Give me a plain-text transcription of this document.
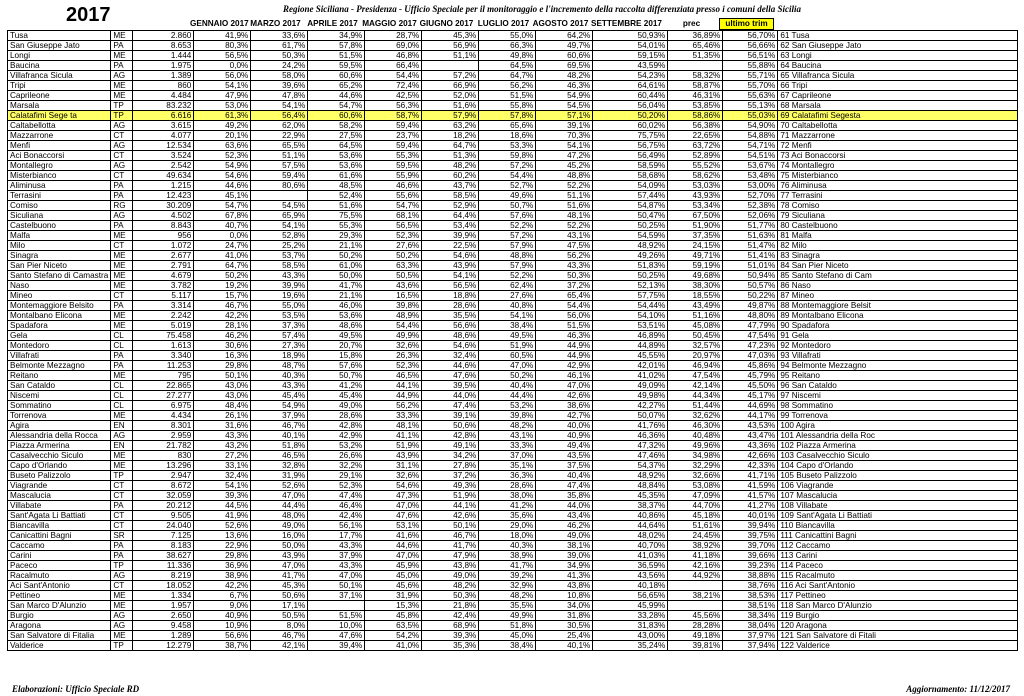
2017	Regione Siciliana - Presidenza - Ufficio Speciale per il monitoraggio e l'incremento della raccolta differenziata presso i comuni della Sicilia
GENNAIO 2017 MARZO 2017 APRILE 2017 MAGGIO 2017 GIUGNO 2017 LUGLIO 2017 AGOSTO 2017 SETTEMBRE 2017	prec	ultimo trim
Tusa	ME	2.860	41,9%	33,6%	34,9%	28,7%	45,3%	55,0%	64,2%	50,93%	36,89%	56,70%	61 Tusa
San Giuseppe Jato	PA	8.653	80,3%	61,7%	57,8%	69,0%	56,9%	66,3%	49,7%	54,01%	65,46%	56,66%	62 San Giuseppe Jato
Longi	ME	1.444	56,5%	50,3%	51,5%	46,8%	51,1%	49,8%	60,6%	59,15%	51,35%	56,51%	63 Longi
Baucina	PA	1.975	0,0%	24,2%	59,5%	66,4%		64,5%	69,5%	43,59%		55,88%	64 Baucina
Villafranca Sicula	AG	1.389	56,0%	58,0%	60,6%	54,4%	57,2%	64,7%	48,2%	54,23%	58,32%	55,71%	65 Villafranca Sicula
Tripi	ME	860	54,1%	39,6%	65,2%	72,4%	66,9%	56,2%	46,3%	64,61%	58,87%	55,70%	66 Tripi
Caprileone	ME	4.484	47,9%	47,8%	44,6%	42,5%	52,0%	51,5%	54,9%	60,44%	46,31%	55,63%	67 Caprileone
Marsala	TP	83.232	53,0%	54,1%	54,7%	56,3%	51,6%	55,8%	54,5%	56,04%	53,85%	55,13%	68 Marsala
Calatafimi Sege ta	TP	6.616	61,3%	56,4%	60,6%	58,7%	57,9%	57,8%	57,1%	50,20%	58,86%	55,03%	69 Calatafimi Segesta
Caltabellotta	AG	3.615	49,2%	62,0%	58,2%	59,4%	63,2%	65,6%	39,1%	60,02%	56,38%	54,90%	70 Caltabellotta
Mazzarrone	CT	4.077	20,1%	22,9%	27,5%	23,7%	18,2%	18,6%	70,3%	75,75%	22,65%	54,88%	71 Mazzarrone
Menfi	AG	12.534	63,6%	65,5%	64,5%	59,4%	64,7%	53,3%	54,1%	56,75%	63,72%	54,71%	72 Menfi
Aci Bonaccorsi	CT	3.524	52,3%	51,1%	53,6%	55,3%	51,3%	59,8%	47,2%	56,49%	52,89%	54,51%	73 Aci Bonaccorsi
Montallegro	AG	2.542	54,9%	57,5%	53,6%	59,5%	48,2%	57,2%	45,2%	58,59%	55,52%	53,67%	74 Montallegro
Misterbianco	CT	49.634	54,6%	59,4%	61,6%	55,9%	60,2%	54,4%	48,8%	58,68%	58,62%	53,48%	75 Misterbianco
Aliminusa	PA	1.215	44,6%	80,6%	48,5%	46,6%	43,7%	52,7%	52,2%	54,09%	53,03%	53,00%	76 Aliminusa
Terrasini	PA	12.423	45,1%		52,4%	55,6%	58,5%	49,6%	51,1%	57,44%	43,93%	52,70%	77 Terrasini
Comiso	RG	30.209	54,7%	54,5%	51,6%	54,7%	52,9%	50,7%	51,6%	54,87%	53,34%	52,38%	78 Comiso
Siculiana	AG	4.502	67,8%	65,9%	75,5%	68,1%	64,4%	57,6%	48,1%	50,47%	67,50%	52,06%	79 Siculiana
Castelbuono	PA	8.843	40,7%	54,1%	55,3%	56,5%	53,4%	52,2%	52,2%	50,25%	51,90%	51,77%	80 Castelbuono
Malfa	ME	956	0,0%	52,8%	29,3%	52,3%	39,9%	57,2%	43,1%	54,59%	37,35%	51,63%	81 Malfa
Milo	CT	1.072	24,7%	25,2%	21,1%	27,6%	22,5%	57,9%	47,5%	48,92%	24,15%	51,47%	82 Milo
Sinagra	ME	2.677	41,0%	53,7%	50,2%	50,2%	54,6%	48,8%	56,2%	49,26%	49,71%	51,41%	83 Sinagra
San Pier Niceto	ME	2.791	64,7%	58,5%	61,0%	63,3%	43,9%	57,9%	43,3%	51,83%	59,19%	51,01%	84 San Pier Niceto
Santo Stefano di Camastra	ME	4.679	50,2%	43,3%	50,0%	50,5%	54,1%	52,2%	50,3%	50,25%	49,68%	50,94%	85 Santo Stefano di Cam
Naso	ME	3.782	19,2%	39,9%	41,7%	43,6%	56,5%	62,4%	37,2%	52,13%	38,30%	50,57%	86 Naso
Mineo	CT	5.117	15,7%	19,6%	21,1%	16,5%	18,8%	27,6%	65,4%	57,75%	18,55%	50,22%	87 Mineo
Montemaggiore Belsito	PA	3.314	46,7%	55,0%	46,0%	39,8%	28,6%	40,8%	54,4%	54,44%	43,49%	49,87%	88 Montemaggiore Belsit
Montalbano Elicona	ME	2.242	42,2%	53,5%	53,6%	48,9%	35,5%	54,1%	56,0%	54,10%	51,16%	48,80%	89 Montalbano Elicona
Spadafora	ME	5.019	28,1%	37,3%	48,6%	54,4%	56,6%	38,4%	51,5%	53,51%	45,08%	47,79%	90 Spadafora
Gela	CL	75.458	46,2%	57,4%	49,5%	49,9%	48,6%	49,5%	46,3%	46,89%	50,45%	47,54%	91 Gela
Montedoro	CL	1.613	30,6%	27,3%	20,7%	32,6%	54,6%	51,9%	44,9%	44,89%	32,57%	47,23%	92 Montedoro
Villafrati	PA	3.340	16,3%	18,9%	15,8%	26,3%	32,4%	60,5%	44,9%	45,55%	20,97%	47,03%	93 Villafrati
Belmonte Mezzagno	PA	11.253	29,8%	48,7%	57,6%	52,3%	44,6%	47,0%	42,9%	42,01%	46,94%	45,86%	94 Belmonte Mezzagno
Reitano	ME	795	50,1%	40,3%	50,7%	46,5%	47,6%	50,2%	46,1%	41,02%	47,54%	45,79%	95 Reitano
San Cataldo	CL	22.865	43,0%	43,3%	41,2%	44,1%	39,5%	40,4%	47,0%	49,09%	42,14%	45,50%	96 San Cataldo
Niscemi	CL	27.277	43,0%	45,4%	45,4%	44,9%	44,0%	44,4%	42,6%	49,98%	44,34%	45,17%	97 Niscemi
Sommatino	CL	6.975	48,4%	54,9%	49,0%	56,2%	47,4%	53,2%	38,6%	42,27%	51,44%	44,69%	98 Sommatino
Torrenova	ME	4.434	26,1%	37,9%	28,6%	33,3%	39,1%	39,8%	42,7%	50,07%	32,62%	44,17%	99 Torrenova
Agira	EN	8.301	31,6%	46,7%	42,8%	48,1%	50,6%	48,2%	40,0%	41,76%	46,30%	43,53%	100 Agira
Alessandria della Rocca	AG	2.959	43,3%	40,1%	42,9%	41,1%	42,8%	43,1%	40,9%	46,36%	40,48%	43,47%	101 Alessandria della Roc
Piazza Armerina	EN	21.782	43,2%	51,8%	53,2%	51,9%	49,1%	33,3%	49,4%	47,32%	49,96%	43,36%	102 Piazza Armerina
Casalvecchio Siculo	ME	830	27,2%	46,5%	26,6%	43,9%	34,2%	37,0%	43,5%	47,46%	34,98%	42,66%	103 Casalvecchio Siculo
Capo d'Orlando	ME	13.296	33,1%	32,8%	32,2%	31,1%	27,8%	35,1%	37,5%	54,37%	32,29%	42,33%	104 Capo d'Orlando
Buseto Palizzolo	TP	2.947	32,4%	31,9%	29,1%	32,6%	37,2%	36,3%	40,4%	48,92%	32,66%	41,71%	105 Buseto Palizzolo
Viagrande	CT	8.672	54,1%	52,6%	52,3%	54,6%	49,3%	28,6%	47,4%	48,84%	53,08%	41,59%	106 Viagrande
Mascalucia	CT	32.059	39,3%	47,0%	47,4%	47,3%	51,9%	38,0%	35,8%	45,35%	47,09%	41,57%	107 Mascalucia
Villabate	PA	20.212	44,5%	44,4%	46,4%	47,0%	44,1%	41,2%	44,0%	38,37%	44,70%	41,27%	108 Villabate
Sant'Agata Li Battiati	CT	9.505	41,9%	48,0%	42,4%	47,6%	42,6%	35,6%	43,4%	40,86%	45,18%	40,01%	109 Sant'Agata Li Battiati
Biancavilla	CT	24.040	52,6%	49,0%	56,1%	53,1%	50,1%	29,0%	46,2%	44,64%	51,61%	39,94%	110 Biancavilla
Canicattini Bagni	SR	7.125	13,6%	16,0%	17,7%	41,6%	46,7%	18,0%	49,0%	48,02%	24,45%	39,75%	111 Canicattini Bagni
Caccamo	PA	8.183	22,9%	50,0%	43,3%	44,6%	41,7%	40,3%	38,1%	40,70%	38,92%	39,70%	112 Caccamo
Carini	PA	38.627	29,8%	43,9%	37,9%	47,0%	47,9%	38,9%	39,0%	41,03%	41,18%	39,66%	113 Carini
Paceco	TP	11.336	36,9%	47,0%	43,3%	45,9%	43,8%	41,7%	34,9%	36,59%	42,16%	39,23%	114 Paceco
Racalmuto	AG	8.219	38,9%	41,7%	47,0%	45,0%	49,0%	39,2%	41,3%	43,56%	44,92%	38,88%	115 Racalmuto
Aci Sant'Antonio	CT	18.052	42,2%	45,3%	50,1%	45,6%	48,2%	32,9%	43,8%	40,18%		38,76%	116 Aci Sant'Antonio
Pettineo	ME	1.334	6,7%	50,6%	37,1%	31,9%	50,3%	48,2%	10,8%	56,65%	38,21%	38,53%	117 Pettineo
San Marco D'Alunzio	ME	1.957	9,0%	17,1%		15,3%	21,8%	35,5%	34,0%	45,99%		38,51%	118 San Marco D'Alunzio
Burgio	AG	2.650	40,9%	50,5%	51,5%	45,8%	42,4%	49,9%	31,8%	33,28%	45,56%	38,34%	119 Burgio
Aragona	AG	9.458	10,9%	8,0%	10,0%	63,5%	68,9%	51,8%	30,5%	31,83%	28,28%	38,04%	120 Aragona
San Salvatore di Fitalia	ME	1.289	56,6%	46,7%	47,6%	54,2%	39,3%	45,0%	25,4%	43,00%	49,18%	37,97%	121 San Salvatore di Fitali
Valderice	TP	12.279	38,7%	42,1%	39,4%	41,0%	35,3%	38,4%	40,1%	35,24%	39,81%	37,94%	122 Valderice
Elaborazioni: Ufficio Speciale RD	Aggiornamento: 11/12/2017
